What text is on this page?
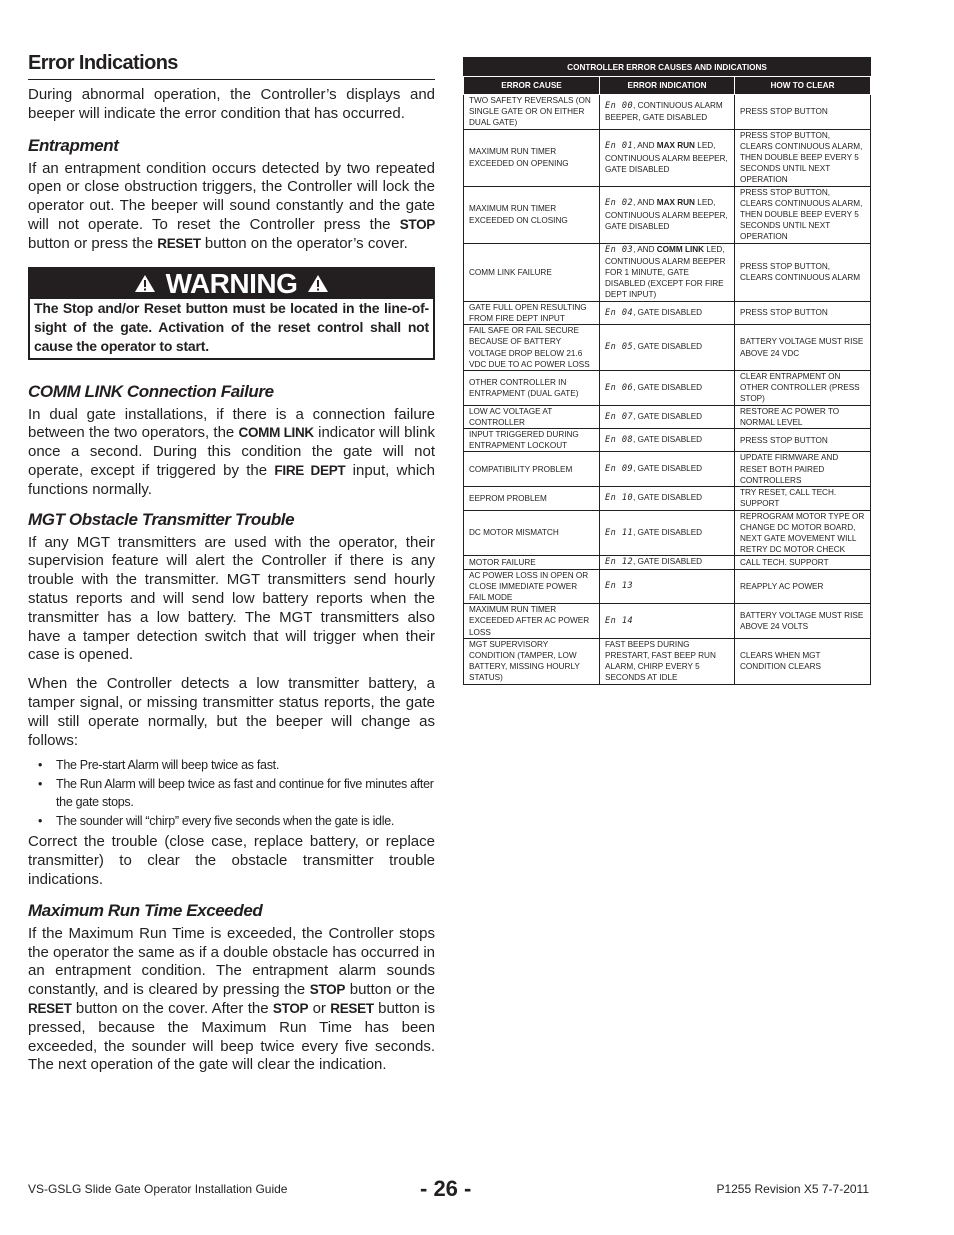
Error Indications

During abnormal operation, the Controller’s displays and beeper will indicate the error condition that has occurred.

Entrapment

If an entrapment condition occurs detected by two repeated open or close obstruction triggers, the Controller will lock the operator out. The beeper will sound constantly and the gate will not operate. To reset the Controller press the STOP button or press the RESET button on the operator’s cover.

WARNING
The Stop and/or Reset button must be located in the line-of-sight of the gate. Activation of the reset control shall not cause the operator to start.
COMM LINK Connection Failure

In dual gate installations, if there is a connection failure between the two operators, the COMM LINK indicator will blink once a second. During this condition the gate will not operate, except if triggered by the FIRE DEPT input, which functions normally.

MGT Obstacle Transmitter Trouble

If any MGT transmitters are used with the operator, their supervision feature will alert the Controller if there is any trouble with the transmitter. MGT transmitters send hourly status reports and will send low battery reports when the transmitter has a low battery. The MGT transmitters also have a tamper detection switch that will trigger when their case is opened.

When the Controller detects a low transmitter battery, a tamper signal, or missing transmitter status reports, the gate will still operate normally, but the beeper will change as follows:

• The Pre-start Alarm will beep twice as fast.
• The Run Alarm will beep twice as fast and continue for five minutes after the gate stops.
• The sounder will “chirp” every five seconds when the gate is idle.

Correct the trouble (close case, replace battery, or replace transmitter) to clear the obstacle transmitter trouble indications.

Maximum Run Time Exceeded

If the Maximum Run Time is exceeded, the Controller stops the operator the same as if a double obstacle has occurred in an entrapment condition. The entrapment alarm sounds constantly, and is cleared by pressing the STOP button or the RESET button on the cover. After the STOP or RESET button is pressed, because the Maximum Run Time has been exceeded, the sounder will beep twice every five seconds. The next operation of the gate will clear the indication.

CONTROLLER ERROR CAUSES AND INDICATIONS		
ERROR CAUSE	ERROR INDICATION	HOW TO CLEAR
TWO SAFETY REVERSALS (ON SINGLE GATE OR ON EITHER DUAL GATE)	En 00, CONTINUOUS ALARM BEEPER, GATE DISABLED	PRESS STOP BUTTON
MAXIMUM RUN TIMER EXCEEDED ON OPENING	En 01, AND MAX RUN LED, CONTINUOUS ALARM BEEPER, GATE DISABLED	PRESS STOP BUTTON, CLEARS CONTINUOUS ALARM, THEN DOUBLE BEEP EVERY 5 SECONDS UNTIL NEXT OPERATION
MAXIMUM RUN TIMER EXCEEDED ON CLOSING	En 02, AND MAX RUN LED, CONTINUOUS ALARM BEEPER, GATE DISABLED	PRESS STOP BUTTON, CLEARS CONTINUOUS ALARM, THEN DOUBLE BEEP EVERY 5 SECONDS UNTIL NEXT OPERATION
COMM LINK FAILURE	En 03, AND COMM LINK LED, CONTINUOUS ALARM BEEPER FOR 1 MINUTE, GATE DISABLED (EXCEPT FOR FIRE DEPT INPUT)	PRESS STOP BUTTON, CLEARS CONTINUOUS ALARM
GATE FULL OPEN RESULTING FROM FIRE DEPT INPUT	En 04, GATE DISABLED	PRESS STOP BUTTON
FAIL SAFE OR FAIL SECURE BECAUSE OF BATTERY VOLTAGE DROP BELOW 21.6 VDC DUE TO AC POWER LOSS	En 05, GATE DISABLED	BATTERY VOLTAGE MUST RISE ABOVE 24 VDC
OTHER CONTROLLER IN ENTRAPMENT (DUAL GATE)	En 06, GATE DISABLED	CLEAR ENTRAPMENT ON OTHER CONTROLLER (PRESS STOP)
LOW AC VOLTAGE AT CONTROLLER	En 07, GATE DISABLED	RESTORE AC POWER TO NORMAL LEVEL
INPUT TRIGGERED DURING ENTRAPMENT LOCKOUT	En 08, GATE DISABLED	PRESS STOP BUTTON
COMPATIBILITY PROBLEM	En 09, GATE DISABLED	UPDATE FIRMWARE AND RESET BOTH PAIRED CONTROLLERS
EEPROM PROBLEM	En 10, GATE DISABLED	TRY RESET, CALL TECH. SUPPORT
DC MOTOR MISMATCH	En 11, GATE DISABLED	REPROGRAM MOTOR TYPE OR CHANGE DC MOTOR BOARD, NEXT GATE MOVEMENT WILL RETRY DC MOTOR CHECK
MOTOR FAILURE	En 12, GATE DISABLED	CALL TECH. SUPPORT
AC POWER LOSS IN OPEN OR CLOSE IMMEDIATE POWER FAIL MODE	En 13	REAPPLY AC POWER
MAXIMUM RUN TIMER EXCEEDED AFTER AC POWER LOSS	En 14	BATTERY VOLTAGE MUST RISE ABOVE 24 VOLTS
MGT SUPERVISORY CONDITION (TAMPER, LOW BATTERY, MISSING HOURLY STATUS)	FAST BEEPS DURING PRESTART, FAST BEEP RUN ALARM, CHIRP EVERY 5 SECONDS AT IDLE	CLEARS WHEN MGT CONDITION CLEARS
VS-GSLG Slide Gate Operator Installation Guide	- 26 -	P1255 Revision X5 7-7-2011
